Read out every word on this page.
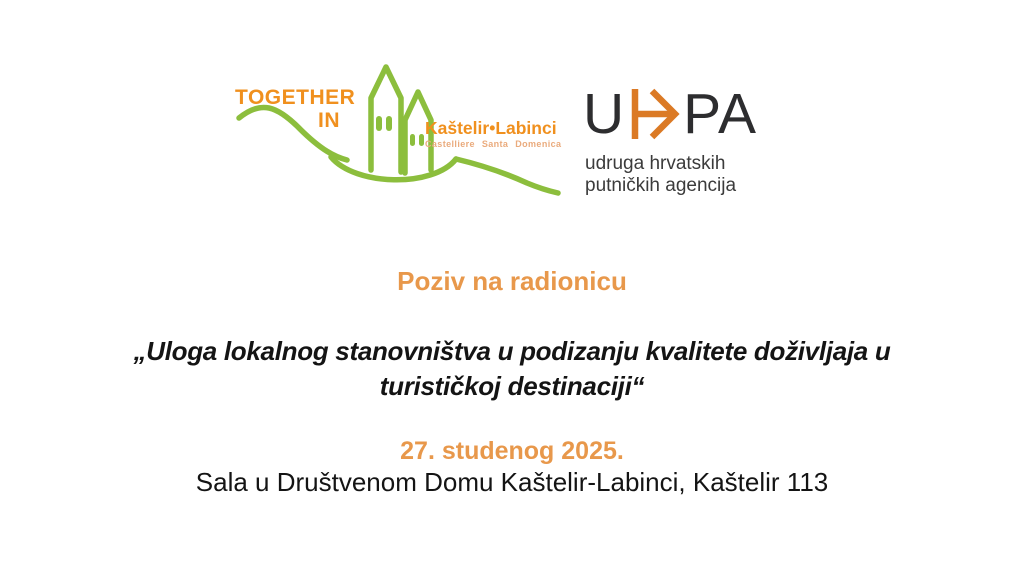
TOGETHER
IN	Kaštelir•Labinci
Castelliere Santa Domenica U PA
udruga hrvatskih
putničkih agencija
Poziv na radionicu
„Uloga lokalnog stanovništva u podizanju kvalitete doživljaja u
turističkoj destinaciji“
27. studenog 2025.
Sala u Društvenom Domu Kaštelir-Labinci, Kaštelir 113
